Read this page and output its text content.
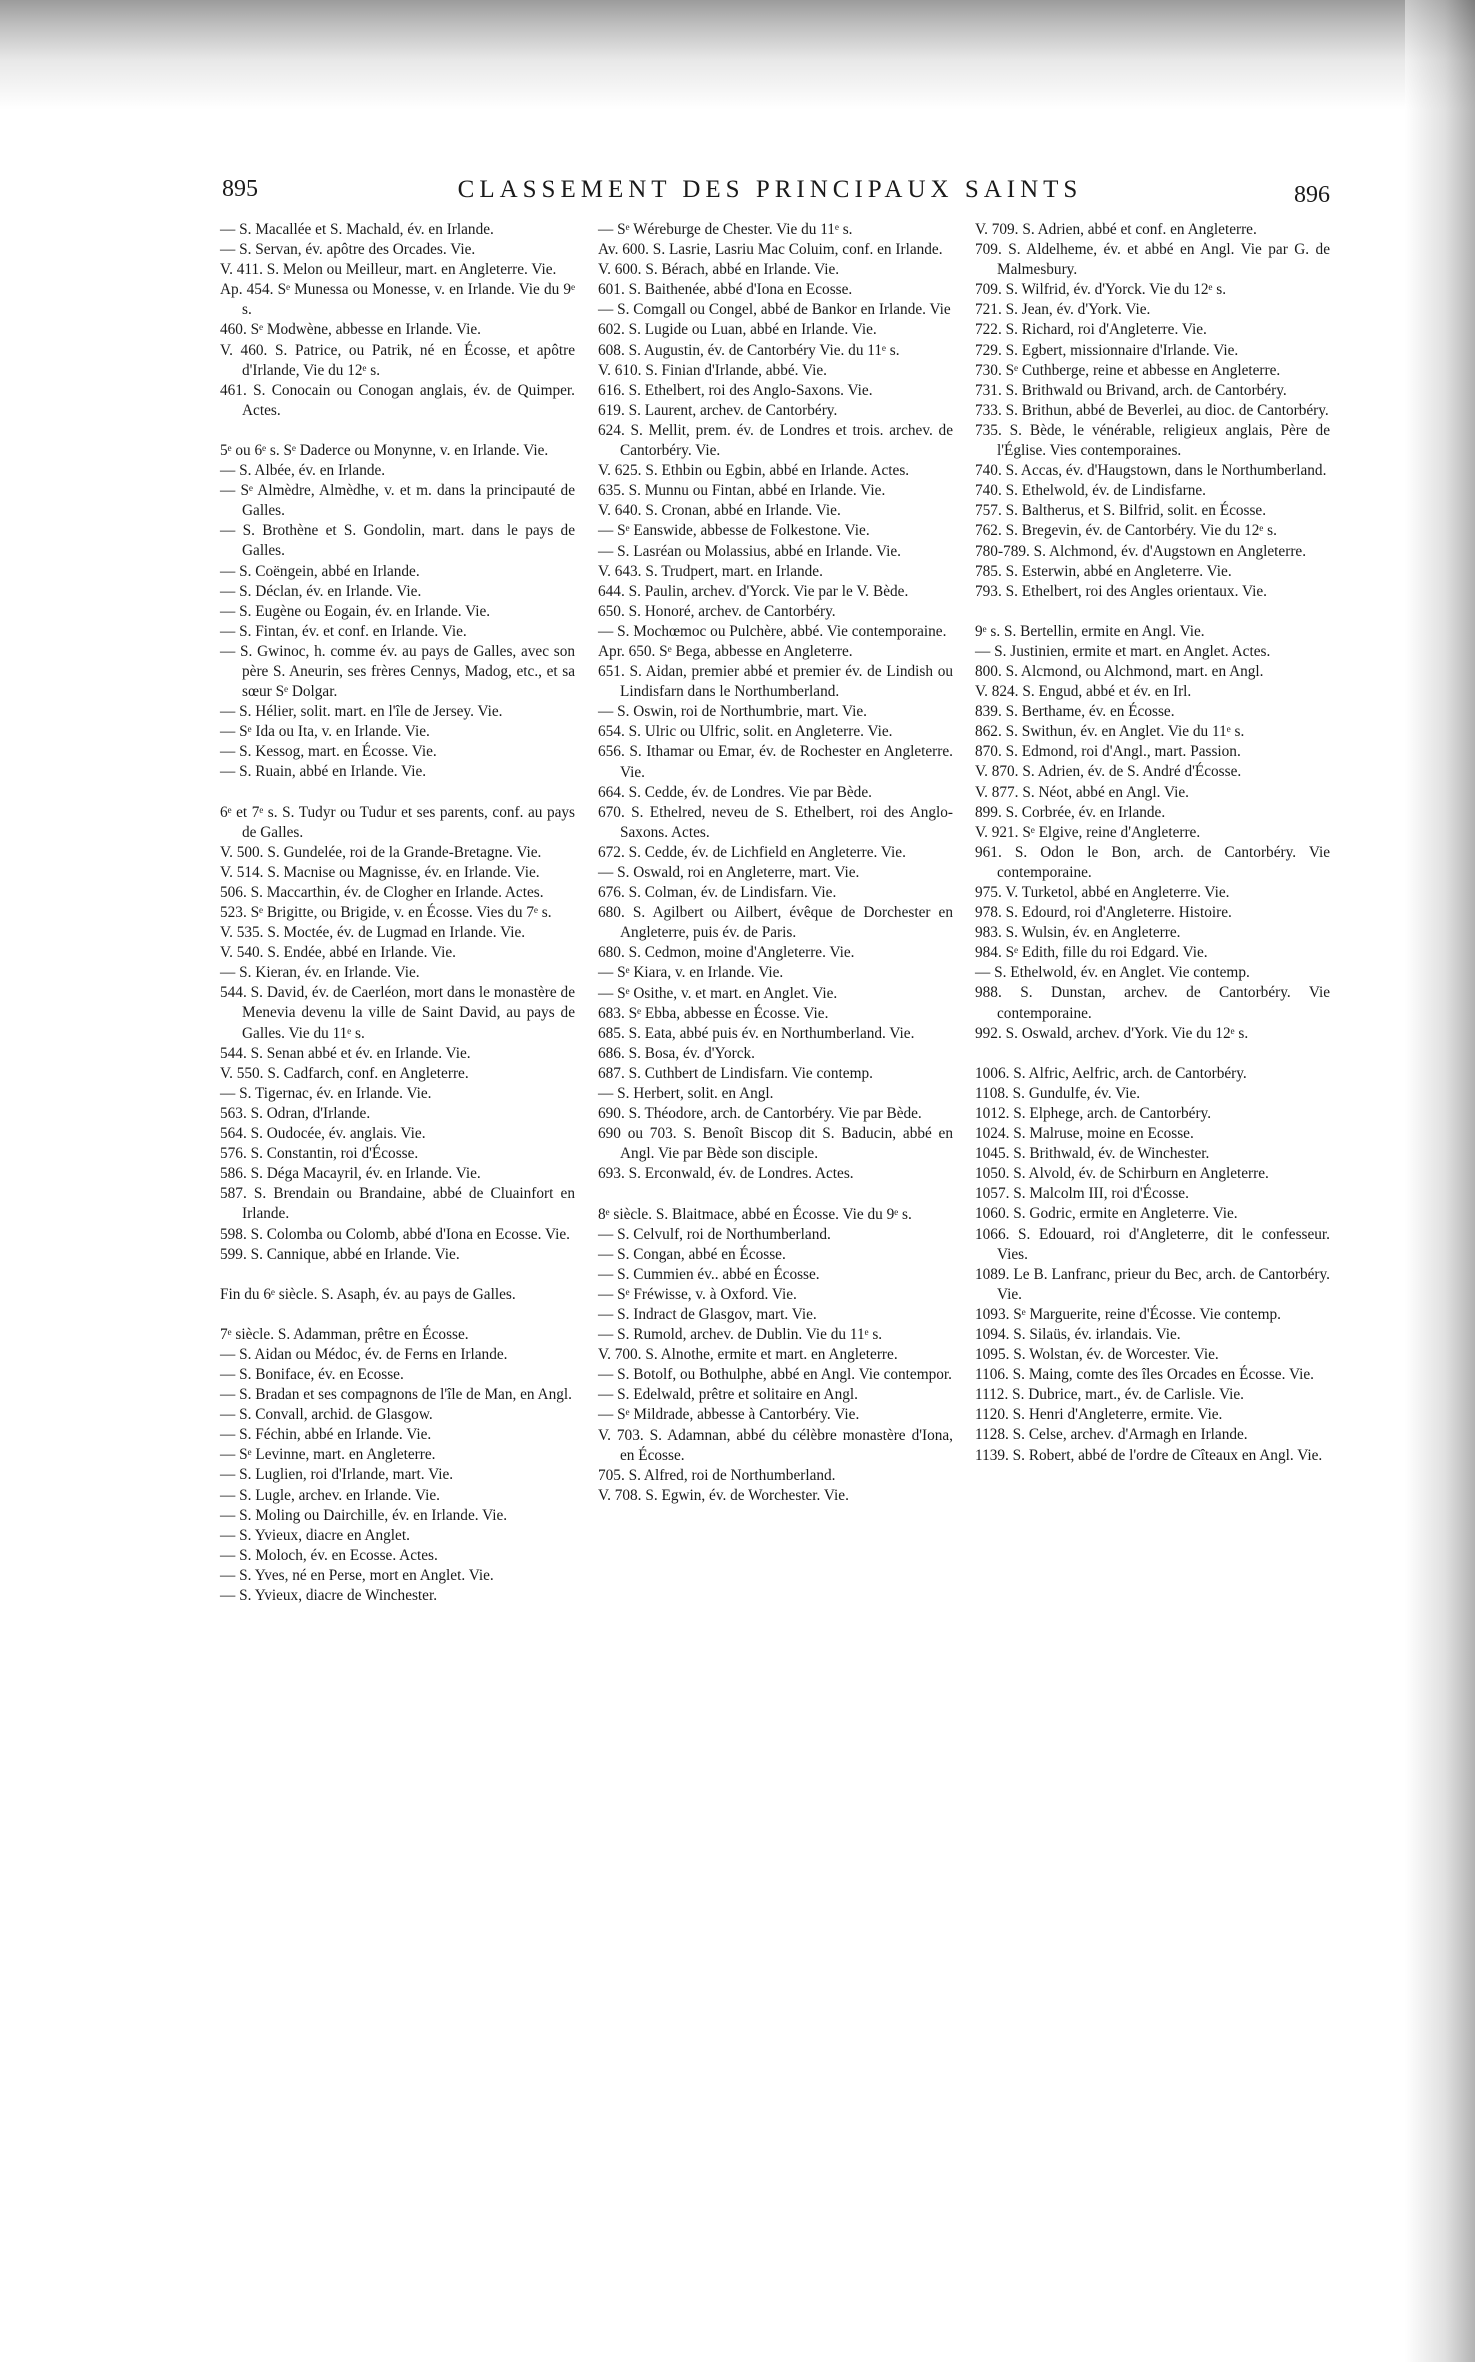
895	CLASSEMENT DES PRINCIPAUX SAINTS	896

— S. Macallée et S. Machald, év. en Irlande.

— S. Servan, év. apôtre des Orcades. Vie.

V. 411. S. Melon ou Meilleur, mart. en Angleterre. Vie.

Ap. 454. Sᵉ Munessa ou Monesse, v. en Irlande. Vie du 9ᵉ s.

460. Sᵉ Modwène, abbesse en Irlande. Vie.

V. 460. S. Patrice, ou Patrik, né en Écosse, et apôtre d'Irlande, Vie du 12ᵉ s.

461. S. Conocain ou Conogan anglais, év. de Quimper. Actes.

5ᵉ ou 6ᵉ s. Sᵉ Daderce ou Monynne, v. en Irlande. Vie.

— S. Albée, év. en Irlande.

— Sᵉ Almèdre, Almèdhe, v. et m. dans la principauté de Galles.

— S. Brothène et S. Gondolin, mart. dans le pays de Galles.

— S. Coëngein, abbé en Irlande.

— S. Déclan, év. en Irlande. Vie.

— S. Eugène ou Eogain, év. en Irlande. Vie.

— S. Fintan, év. et conf. en Irlande. Vie.

— S. Gwinoc, h. comme év. au pays de Galles, avec son père S. Aneurin, ses frères Cennys, Madog, etc., et sa sœur Sᵉ Dolgar.

— S. Hélier, solit. mart. en l'île de Jersey. Vie.

— Sᵉ Ida ou Ita, v. en Irlande. Vie.

— S. Kessog, mart. en Écosse. Vie.

— S. Ruain, abbé en Irlande. Vie.

6ᵉ et 7ᵉ s. S. Tudyr ou Tudur et ses parents, conf. au pays de Galles.

V. 500. S. Gundelée, roi de la Grande-Bretagne. Vie.

V. 514. S. Macnise ou Magnisse, év. en Irlande. Vie.

506. S. Maccarthin, év. de Clogher en Irlande. Actes.

523. Sᵉ Brigitte, ou Brigide, v. en Écosse. Vies du 7ᵉ s.

V. 535. S. Moctée, év. de Lugmad en Irlande. Vie.

V. 540. S. Endée, abbé en Irlande. Vie.

— S. Kieran, év. en Irlande. Vie.

544. S. David, év. de Caerléon, mort dans le monastère de Menevia devenu la ville de Saint David, au pays de Galles. Vie du 11ᵉ s.

544. S. Senan abbé et év. en Irlande. Vie.

V. 550. S. Cadfarch, conf. en Angleterre.

— S. Tigernac, év. en Irlande. Vie.

563. S. Odran, d'Irlande.

564. S. Oudocée, év. anglais. Vie.

576. S. Constantin, roi d'Écosse.

586. S. Déga Macayril, év. en Irlande. Vie.

587. S. Brendain ou Brandaine, abbé de Cluainfort en Irlande.

598. S. Colomba ou Colomb, abbé d'Iona en Ecosse. Vie.

599. S. Cannique, abbé en Irlande. Vie.

Fin du 6ᵉ siècle. S. Asaph, év. au pays de Galles.

7ᵉ siècle. S. Adamman, prêtre en Écosse.

— S. Aidan ou Médoc, év. de Ferns en Irlande.

— S. Boniface, év. en Ecosse.

— S. Bradan et ses compagnons de l'île de Man, en Angl.

— S. Convall, archid. de Glasgow.

— S. Féchin, abbé en Irlande. Vie.

— Sᵉ Levinne, mart. en Angleterre.

— S. Luglien, roi d'Irlande, mart. Vie.

— S. Lugle, archev. en Irlande. Vie.

— S. Moling ou Dairchille, év. en Irlande. Vie.

— S. Yvieux, diacre en Anglet.

— S. Moloch, év. en Ecosse. Actes.

— S. Yves, né en Perse, mort en Anglet. Vie.

— S. Yvieux, diacre de Winchester.

— Sᵉ Wéreburge de Chester. Vie du 11ᵉ s.

Av. 600. S. Lasrie, Lasriu Mac Coluim, conf. en Irlande.

V. 600. S. Bérach, abbé en Irlande. Vie.

601. S. Baithenée, abbé d'Iona en Ecosse.

— S. Comgall ou Congel, abbé de Bankor en Irlande. Vie

602. S. Lugide ou Luan, abbé en Irlande. Vie.

608. S. Augustin, év. de Cantorbéry Vie. du 11ᵉ s.

V. 610. S. Finian d'Irlande, abbé. Vie.

616. S. Ethelbert, roi des Anglo-Saxons. Vie.

619. S. Laurent, archev. de Cantorbéry.

624. S. Mellit, prem. év. de Londres et trois. archev. de Cantorbéry. Vie.

V. 625. S. Ethbin ou Egbin, abbé en Irlande. Actes.

635. S. Munnu ou Fintan, abbé en Irlande. Vie.

V. 640. S. Cronan, abbé en Irlande. Vie.

— Sᵉ Eanswide, abbesse de Folkestone. Vie.

— S. Lasréan ou Molassius, abbé en Irlande. Vie.

V. 643. S. Trudpert, mart. en Irlande.

644. S. Paulin, archev. d'Yorck. Vie par le V. Bède.

650. S. Honoré, archev. de Cantorbéry.

— S. Mochœmoc ou Pulchère, abbé. Vie contemporaine.

Apr. 650. Sᵉ Bega, abbesse en Angleterre.

651. S. Aidan, premier abbé et premier év. de Lindish ou Lindisfarn dans le Northumberland.

— S. Oswin, roi de Northumbrie, mart. Vie.

654. S. Ulric ou Ulfric, solit. en Angleterre. Vie.

656. S. Ithamar ou Emar, év. de Rochester en Angleterre. Vie.

664. S. Cedde, év. de Londres. Vie par Bède.

670. S. Ethelred, neveu de S. Ethelbert, roi des Anglo-Saxons. Actes.

672. S. Cedde, év. de Lichfield en Angleterre. Vie.

— S. Oswald, roi en Angleterre, mart. Vie.

676. S. Colman, év. de Lindisfarn. Vie.

680. S. Agilbert ou Ailbert, évêque de Dorchester en Angleterre, puis év. de Paris.

680. S. Cedmon, moine d'Angleterre. Vie.

— Sᵉ Kiara, v. en Irlande. Vie.

— Sᵉ Osithe, v. et mart. en Anglet. Vie.

683. Sᵉ Ebba, abbesse en Écosse. Vie.

685. S. Eata, abbé puis év. en Northumberland. Vie.

686. S. Bosa, év. d'Yorck.

687. S. Cuthbert de Lindisfarn. Vie contemp.

— S. Herbert, solit. en Angl.

690. S. Théodore, arch. de Cantorbéry. Vie par Bède.

690 ou 703. S. Benoît Biscop dit S. Baducin, abbé en Angl. Vie par Bède son disciple.

693. S. Erconwald, év. de Londres. Actes.

8ᵉ siècle. S. Blaitmace, abbé en Écosse. Vie du 9ᵉ s.

— S. Celvulf, roi de Northumberland.

— S. Congan, abbé en Écosse.

— S. Cummien év.. abbé en Écosse.

— Sᵉ Fréwisse, v. à Oxford. Vie.

— S. Indract de Glasgov, mart. Vie.

— S. Rumold, archev. de Dublin. Vie du 11ᵉ s.

V. 700. S. Alnothe, ermite et mart. en Angleterre.

— S. Botolf, ou Bothulphe, abbé en Angl. Vie contempor.

— S. Edelwald, prêtre et solitaire en Angl.

— Sᵉ Mildrade, abbesse à Cantorbéry. Vie.

V. 703. S. Adamnan, abbé du célèbre monastère d'Iona, en Écosse.

705. S. Alfred, roi de Northumberland.

V. 708. S. Egwin, év. de Worchester. Vie.

V. 709. S. Adrien, abbé et conf. en Angleterre.

709. S. Aldelheme, év. et abbé en Angl. Vie par G. de Malmesbury.

709. S. Wilfrid, év. d'Yorck. Vie du 12ᵉ s.

721. S. Jean, év. d'York. Vie.

722. S. Richard, roi d'Angleterre. Vie.

729. S. Egbert, missionnaire d'Irlande. Vie.

730. Sᵉ Cuthberge, reine et abbesse en Angleterre.

731. S. Brithwald ou Brivand, arch. de Cantorbéry.

733. S. Brithun, abbé de Beverlei, au dioc. de Cantorbéry.

735. S. Bède, le vénérable, religieux anglais, Père de l'Église. Vies contemporaines.

740. S. Accas, év. d'Haugstown, dans le Northumberland.

740. S. Ethelwold, év. de Lindisfarne.

757. S. Baltherus, et S. Bilfrid, solit. en Écosse.

762. S. Bregevin, év. de Cantorbéry. Vie du 12ᵉ s.

780-789. S. Alchmond, év. d'Augstown en Angleterre.

785. S. Esterwin, abbé en Angleterre. Vie.

793. S. Ethelbert, roi des Angles orientaux. Vie.

9ᵉ s. S. Bertellin, ermite en Angl. Vie.

— S. Justinien, ermite et mart. en Anglet. Actes.

800. S. Alcmond, ou Alchmond, mart. en Angl.

V. 824. S. Engud, abbé et év. en Irl.

839. S. Berthame, év. en Écosse.

862. S. Swithun, év. en Anglet. Vie du 11ᵉ s.

870. S. Edmond, roi d'Angl., mart. Passion.

V. 870. S. Adrien, év. de S. André d'Écosse.

V. 877. S. Néot, abbé en Angl. Vie.

899. S. Corbrée, év. en Irlande.

V. 921. Sᵉ Elgive, reine d'Angleterre.

961. S. Odon le Bon, arch. de Cantorbéry. Vie contemporaine.

975. V. Turketol, abbé en Angleterre. Vie.

978. S. Edourd, roi d'Angleterre. Histoire.

983. S. Wulsin, év. en Angleterre.

984. Sᵉ Edith, fille du roi Edgard. Vie.

— S. Ethelwold, év. en Anglet. Vie contemp.

988. S. Dunstan, archev. de Cantorbéry. Vie contemporaine.

992. S. Oswald, archev. d'York. Vie du 12ᵉ s.

1006. S. Alfric, Aelfric, arch. de Cantorbéry.

1108. S. Gundulfe, év. Vie.

1012. S. Elphege, arch. de Cantorbéry.

1024. S. Malruse, moine en Ecosse.

1045. S. Brithwald, év. de Winchester.

1050. S. Alvold, év. de Schirburn en Angleterre.

1057. S. Malcolm III, roi d'Écosse.

1060. S. Godric, ermite en Angleterre. Vie.

1066. S. Edouard, roi d'Angleterre, dit le confesseur. Vies.

1089. Le B. Lanfranc, prieur du Bec, arch. de Cantorbéry. Vie.

1093. Sᵉ Marguerite, reine d'Écosse. Vie contemp.

1094. S. Silaüs, év. irlandais. Vie.

1095. S. Wolstan, év. de Worcester. Vie.

1106. S. Maing, comte des îles Orcades en Écosse. Vie.

1112. S. Dubrice, mart., év. de Carlisle. Vie.

1120. S. Henri d'Angleterre, ermite. Vie.

1128. S. Celse, archev. d'Armagh en Irlande.

1139. S. Robert, abbé de l'ordre de Cîteaux en Angl. Vie.
